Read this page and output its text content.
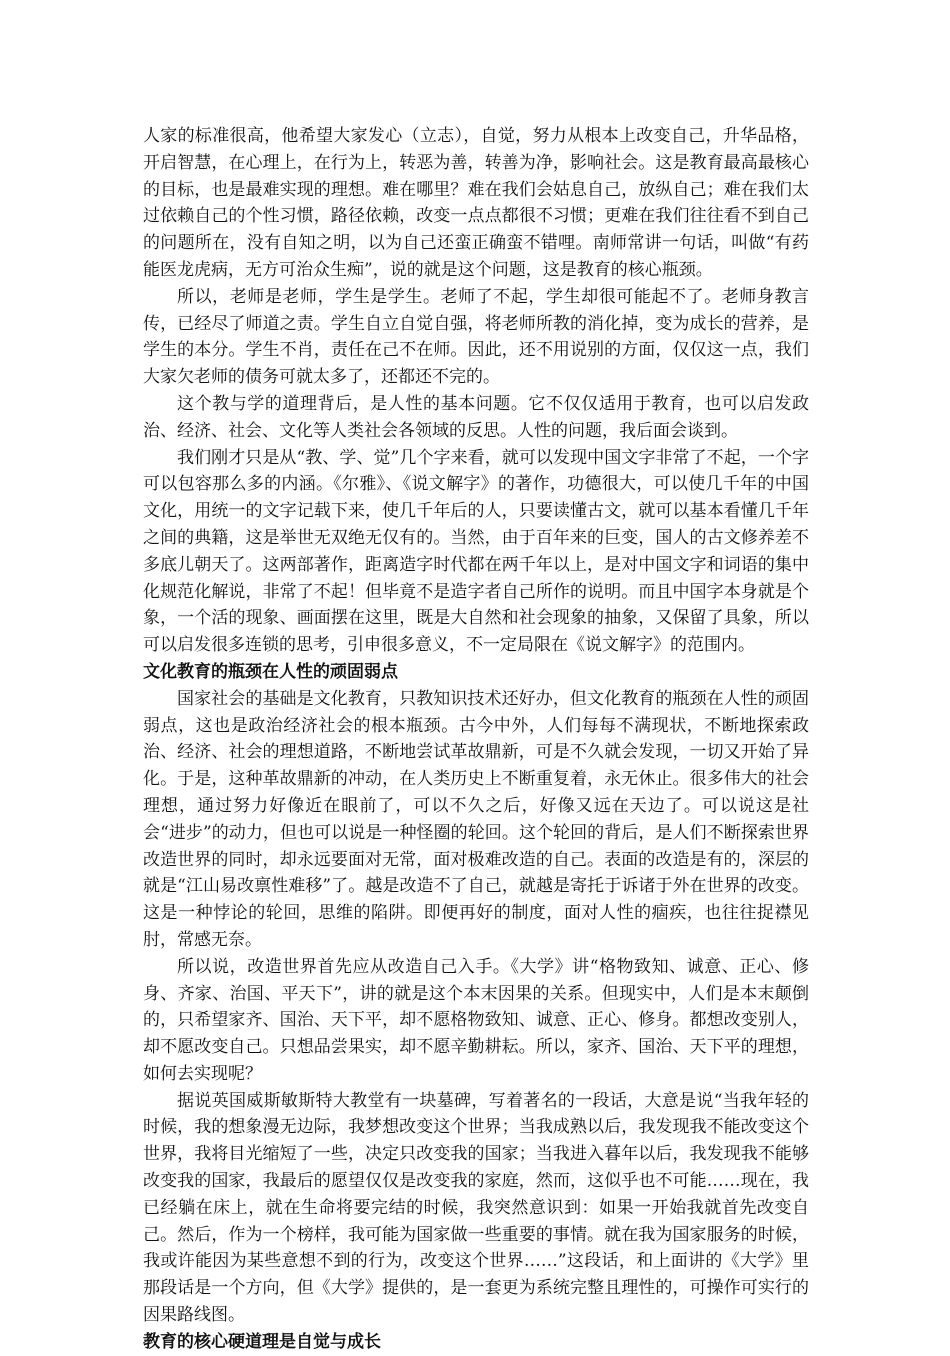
人家的标准很高，他希望大家发心（立志），自觉，努力从根本上改变自己，升华品格，开启智慧，在心理上，在行为上，转恶为善，转善为净，影响社会。这是教育最高最核心的目标，也是最难实现的理想。难在哪里？难在我们会姑息自己，放纵自己；难在我们太过依赖自己的个性习惯，路径依赖，改变一点点都很不习惯；更难在我们往往看不到自己的问题所在，没有自知之明，以为自己还蛮正确蛮不错哩。南师常讲一句话，叫做“有药能医龙虎病，无方可治众生痴”，说的就是这个问题，这是教育的核心瓶颈。

所以，老师是老师，学生是学生。老师了不起，学生却很可能起不了。老师身教言传，已经尽了师道之责。学生自立自觉自强，将老师所教的消化掉，变为成长的营养，是学生的本分。学生不肖，责任在己不在师。因此，还不用说别的方面，仅仅这一点，我们大家欠老师的债务可就太多了，还都还不完的。

这个教与学的道理背后，是人性的基本问题。它不仅仅适用于教育，也可以启发政治、经济、社会、文化等人类社会各领域的反思。人性的问题，我后面会谈到。

我们刚才只是从“教、学、觉”几个字来看，就可以发现中国文字非常了不起，一个字可以包容那么多的内涵。《尔雅》、《说文解字》的著作，功德很大，可以使几千年的中国文化，用统一的文字记载下来，使几千年后的人，只要读懂古文，就可以基本看懂几千年之间的典籍，这是举世无双绝无仅有的。当然，由于百年来的巨变，国人的古文修养差不多底儿朝天了。这两部著作，距离造字时代都在两千年以上，是对中国文字和词语的集中化规范化解说，非常了不起！但毕竟不是造字者自己所作的说明。而且中国字本身就是个象，一个活的现象、画面摆在这里，既是大自然和社会现象的抽象，又保留了具象，所以可以启发很多连锁的思考，引申很多意义，不一定局限在《说文解字》的范围内。

文化教育的瓶颈在人性的顽固弱点

国家社会的基础是文化教育，只教知识技术还好办，但文化教育的瓶颈在人性的顽固弱点，这也是政治经济社会的根本瓶颈。古今中外，人们每每不满现状，不断地探索政治、经济、社会的理想道路，不断地尝试革故鼎新，可是不久就会发现，一切又开始了异化。于是，这种革故鼎新的冲动，在人类历史上不断重复着，永无休止。很多伟大的社会理想，通过努力好像近在眼前了，可以不久之后，好像又远在天边了。可以说这是社会“进步”的动力，但也可以说是一种怪圈的轮回。这个轮回的背后，是人们不断探索世界改造世界的同时，却永远要面对无常，面对极难改造的自己。表面的改造是有的，深层的就是“江山易改禀性难移”了。越是改造不了自己，就越是寄托于诉诸于外在世界的改变。这是一种悖论的轮回，思维的陷阱。即便再好的制度，面对人性的痼疾，也往往捉襟见肘，常感无奈。

所以说，改造世界首先应从改造自己入手。《大学》讲“格物致知、诚意、正心、修身、齐家、治国、平天下”，讲的就是这个本末因果的关系。但现实中，人们是本末颠倒的，只希望家齐、国治、天下平，却不愿格物致知、诚意、正心、修身。都想改变别人，却不愿改变自己。只想品尝果实，却不愿辛勤耕耘。所以，家齐、国治、天下平的理想，如何去实现呢？

据说英国威斯敏斯特大教堂有一块墓碑，写着著名的一段话，大意是说“当我年轻的时候，我的想象漫无边际，我梦想改变这个世界；当我成熟以后，我发现我不能改变这个世界，我将目光缩短了一些，决定只改变我的国家；当我进入暮年以后，我发现我不能够改变我的国家，我最后的愿望仅仅是改变我的家庭，然而，这似乎也不可能……现在，我已经躺在床上，就在生命将要完结的时候，我突然意识到：如果一开始我就首先改变自己。然后，作为一个榜样，我可能为国家做一些重要的事情。就在我为国家服务的时候，我或许能因为某些意想不到的行为，改变这个世界……”这段话，和上面讲的《大学》里那段话是一个方向，但《大学》提供的，是一套更为系统完整且理性的，可操作可实行的因果路线图。

教育的核心硬道理是自觉与成长
